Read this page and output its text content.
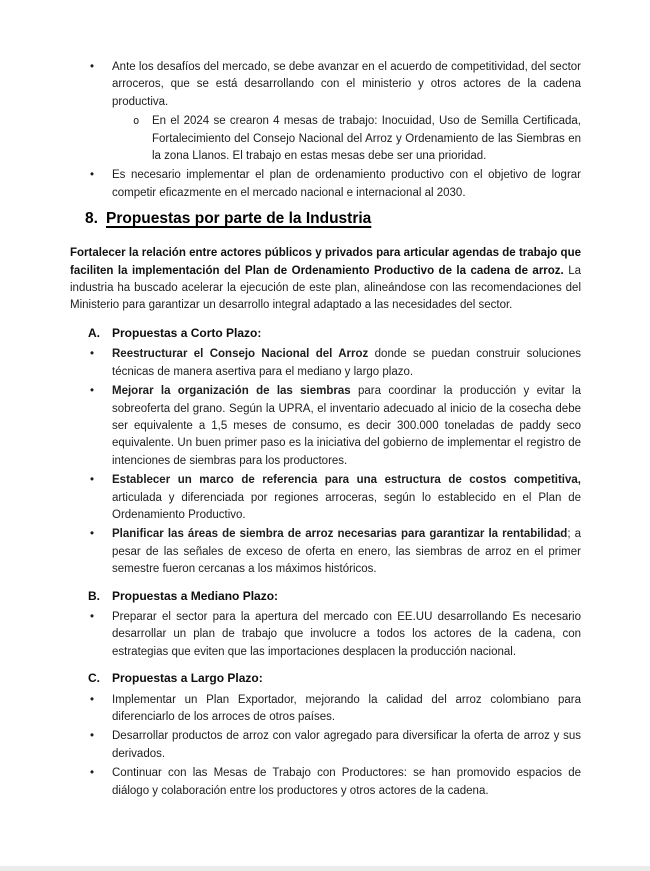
•	Ante los desafíos del mercado, se debe avanzar en el acuerdo de competitividad, del sector arroceros, que se está desarrollando con el ministerio y otros actores de la cadena productiva.
o	En el 2024 se crearon 4 mesas de trabajo: Inocuidad, Uso de Semilla Certificada, Fortalecimiento del Consejo Nacional del Arroz y Ordenamiento de las Siembras en la zona Llanos. El trabajo en estas mesas debe ser una prioridad.
•	Es necesario implementar el plan de ordenamiento productivo con el objetivo de lograr competir eficazmente en el mercado nacional e internacional al 2030.
8. Propuestas por parte de la Industria

Fortalecer la relación entre actores públicos y privados para articular agendas de trabajo que faciliten la implementación del Plan de Ordenamiento Productivo de la cadena de arroz. La industria ha buscado acelerar la ejecución de este plan, alineándose con las recomendaciones del Ministerio para garantizar un desarrollo integral adaptado a las necesidades del sector.

A. Propuestas a Corto Plazo:
•	Reestructurar el Consejo Nacional del Arroz donde se puedan construir soluciones técnicas de manera asertiva para el mediano y largo plazo.
•	Mejorar la organización de las siembras para coordinar la producción y evitar la sobreoferta del grano. Según la UPRA, el inventario adecuado al inicio de la cosecha debe ser equivalente a 1,5 meses de consumo, es decir 300.000 toneladas de paddy seco equivalente. Un buen primer paso es la iniciativa del gobierno de implementar el registro de intenciones de siembras para los productores.
•	Establecer un marco de referencia para una estructura de costos competitiva, articulada y diferenciada por regiones arroceras, según lo establecido en el Plan de Ordenamiento Productivo.
•	Planificar las áreas de siembra de arroz necesarias para garantizar la rentabilidad; a pesar de las señales de exceso de oferta en enero, las siembras de arroz en el primer semestre fueron cercanas a los máximos históricos.
B. Propuestas a Mediano Plazo:
•	Preparar el sector para la apertura del mercado con EE.UU desarrollando Es necesario desarrollar un plan de trabajo que involucre a todos los actores de la cadena, con estrategias que eviten que las importaciones desplacen la producción nacional.
C. Propuestas a Largo Plazo:
•	Implementar un Plan Exportador, mejorando la calidad del arroz colombiano para diferenciarlo de los arroces de otros países.
•	Desarrollar productos de arroz con valor agregado para diversificar la oferta de arroz y sus derivados.
•	Continuar con las Mesas de Trabajo con Productores: se han promovido espacios de diálogo y colaboración entre los productores y otros actores de la cadena.
